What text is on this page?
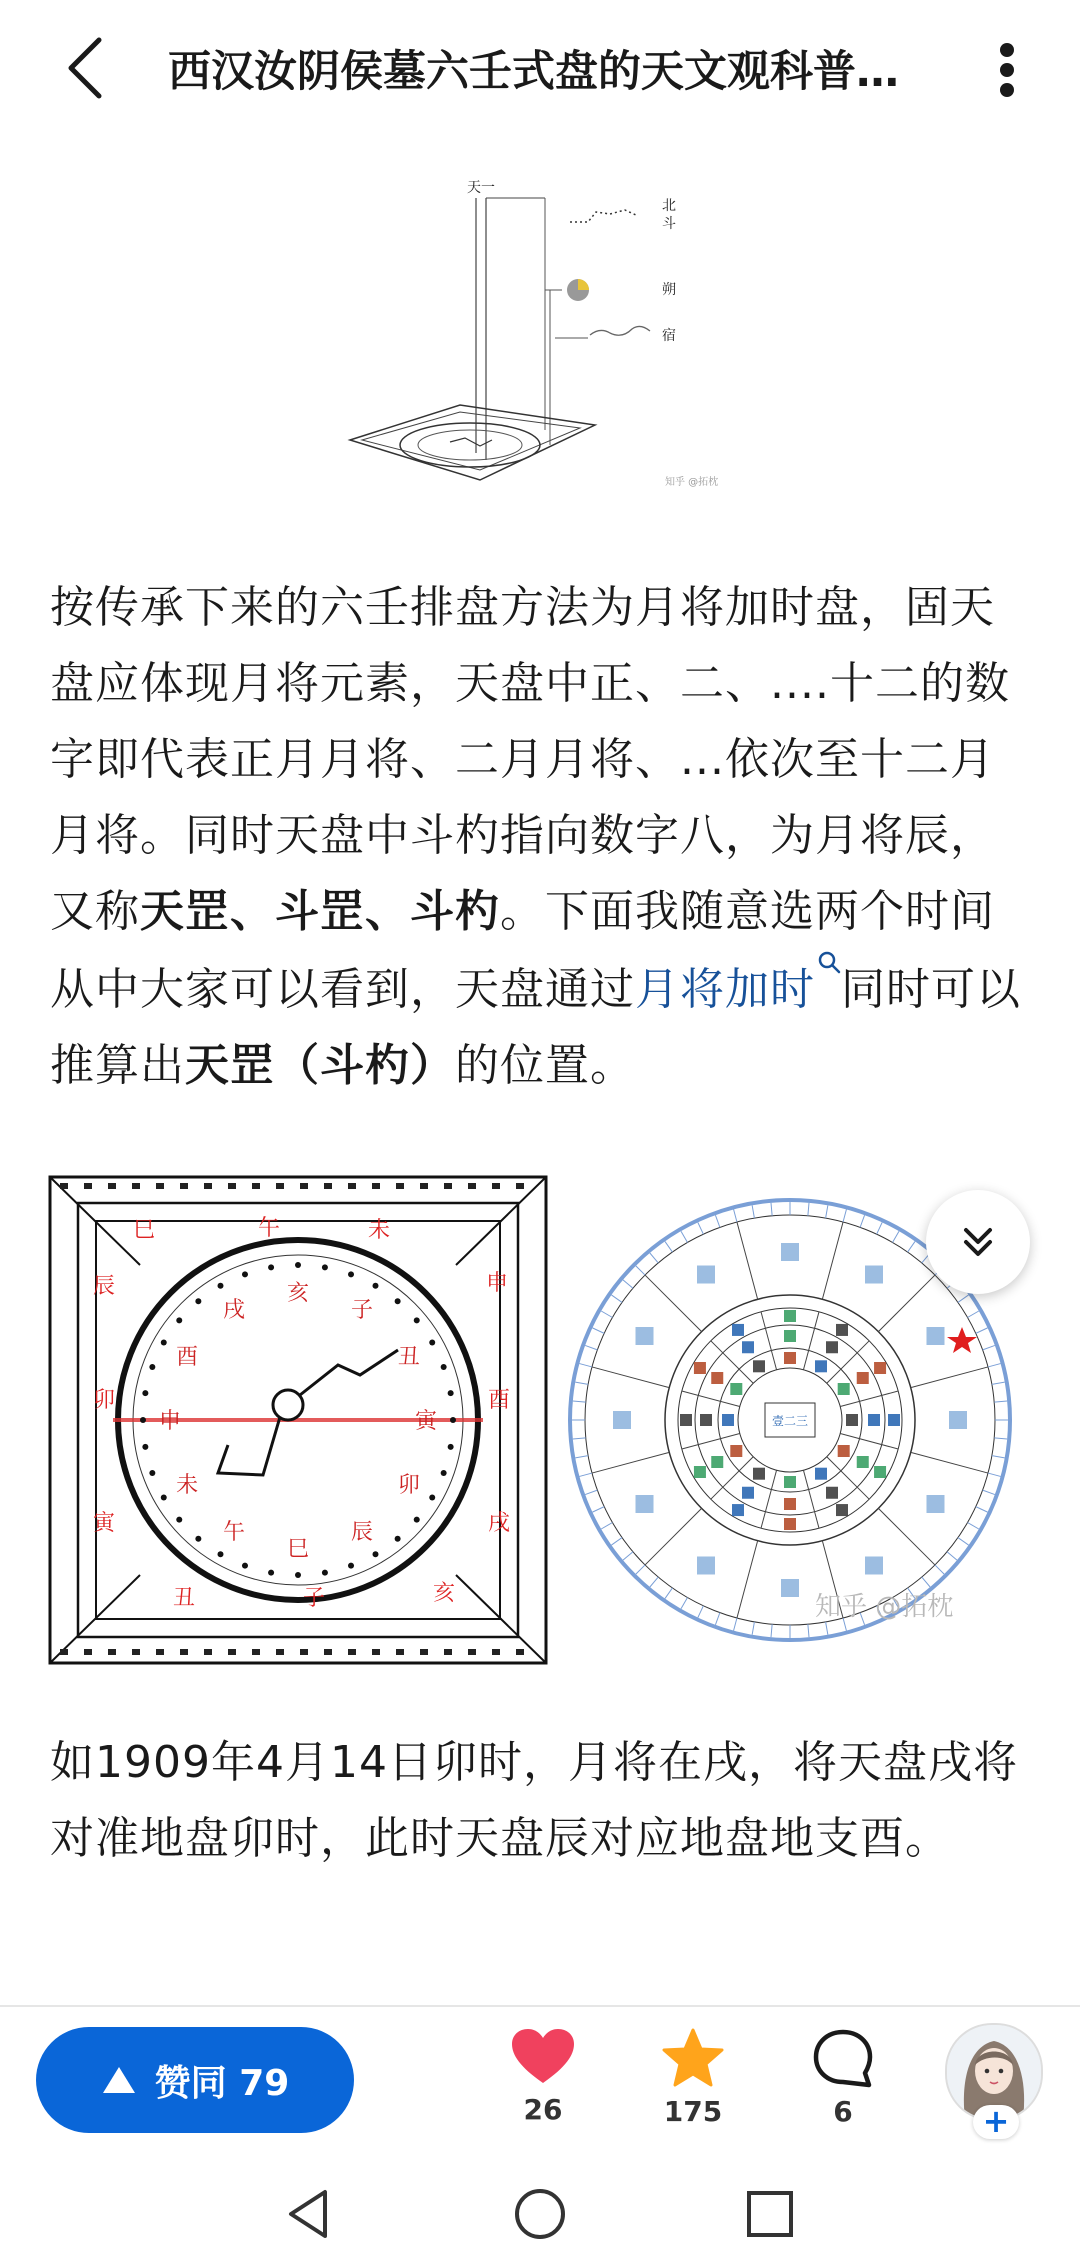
西汉汝阴侯墓六壬式盘的天文观科普…
天一
北
斗
朔
宿
知乎 @拓枕
按传承下来的六壬排盘方法为月将加时盘，固天盘应体现月将元素，天盘中正、二、....十二的数字即代表正月月将、二月月将、...依次至十二月月将。同时天盘中斗杓指向数字八，为月将辰，又称天罡、斗罡、斗杓。下面我随意选两个时间从中大家可以看到，天盘通过月将加时 同时可以推算出天罡（斗杓）的位置。
巳	午	未
申
酉
戌
亥
子
丑
寅
卯
辰
子
丑
寅
卯
辰
巳
午
未
申
酉
戌
亥
壹二三
知乎 @拓枕
如1909年4月14日卯时，月将在戌，将天盘戌将对准地盘卯时，此时天盘辰对应地盘地支酉。
赞同 79
26	175	6	+
